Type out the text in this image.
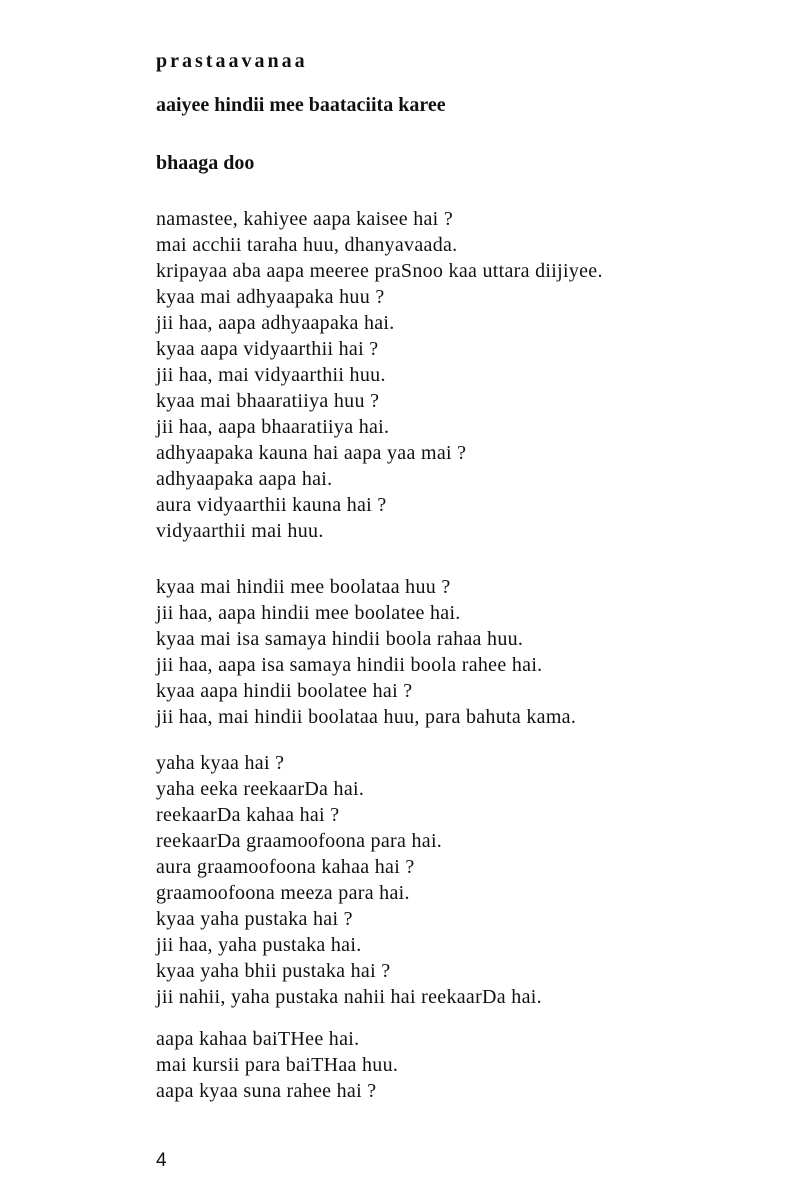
prastaavanaa
aaiyee hindii mee baataciita karee
bhaaga doo
namastee, kahiyee aapa kaisee hai ?
mai acchii taraha huu, dhanyavaada.
kripayaa aba aapa meeree praSnoo kaa uttara diijiyee.
kyaa mai adhyaapaka huu ?
jii haa, aapa adhyaapaka hai.
kyaa aapa vidyaarthii hai ?
jii haa, mai vidyaarthii huu.
kyaa mai bhaaratiiya huu ?
jii haa, aapa bhaaratiiya hai.
adhyaapaka kauna hai aapa yaa mai ?
adhyaapaka aapa hai.
aura vidyaarthii kauna hai ?
vidyaarthii mai huu.
kyaa mai hindii mee boolataa huu ?
jii haa, aapa hindii mee boolatee hai.
kyaa mai isa samaya hindii boola rahaa huu.
jii haa, aapa isa samaya hindii boola rahee hai.
kyaa aapa hindii boolatee hai ?
jii haa, mai hindii boolataa huu, para bahuta kama.
yaha kyaa hai ?
yaha eeka reekaarDa hai.
reekaarDa kahaa hai ?
reekaarDa graamoofoona para hai.
aura graamoofoona kahaa hai ?
graamoofoona meeza para hai.
kyaa yaha pustaka hai ?
jii haa, yaha pustaka hai.
kyaa yaha bhii pustaka hai ?
jii nahii, yaha pustaka nahii hai reekaarDa hai.
aapa kahaa baiTHee hai.
mai kursii para baiTHaa huu.
aapa kyaa suna rahee hai ?
4
